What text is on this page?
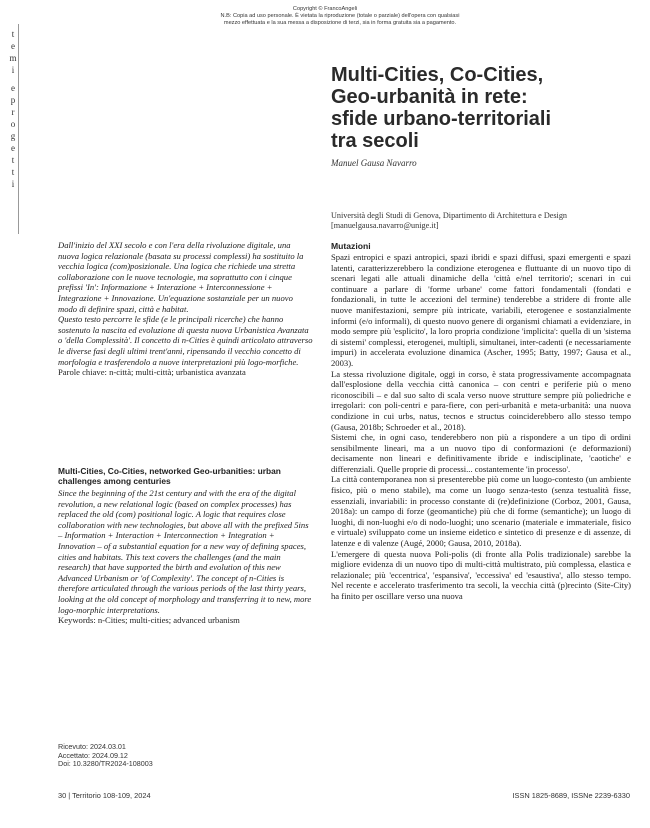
Copyright © FrancoAngeli
N.B: Copia ad uso personale. È vietata la riproduzione (totale o parziale) dell'opera con qualsiasi
mezzo effettuata e la sua messa a disposizione di terzi, sia in forma gratuita sia a pagamento.
t
e
m
i
e
p
r
o
g
e
t
t
i
Multi-Cities, Co-Cities,
Geo-urbanità in rete:
sfide urbano-territoriali
tra secoli
Manuel Gausa Navarro
Università degli Studi di Genova, Dipartimento di Architettura e Design
[manuelgausa.navarro@unige.it]

Dall'inizio del XXI secolo e con l'era della rivoluzione digitale, una nuova logica relazionale (basata su processi complessi) ha sostituito la vecchia logica (com)posizionale. Una logica che richiede una stretta collaborazione con le nuove tecnologie, ma soprattutto con i cinque prefissi 'In': Informazione + Interazione + Interconnessione + Integrazione + Innovazione. Un'equazione sostanziale per un nuovo modo di definire spazi, città e habitat.

Questo testo percorre le sfide (e le principali ricerche) che hanno sostenuto la nascita ed evoluzione di questa nuova Urbanistica Avanzata o 'della Complessità'. Il concetto di n-Cities è quindi articolato attraverso le diverse fasi degli ultimi trent'anni, ripensando il vecchio concetto di morfologia e trasferendolo a nuove interpretazioni più logo-morfiche.

Parole chiave: n-città; multi-città; urbanistica avanzata

Multi-Cities, Co-Cities, networked Geo-urbanities: urban challenges among centuries

Since the beginning of the 21st century and with the era of the digital revolution, a new relational logic (based on complex processes) has replaced the old (com) positional logic. A logic that requires close collaboration with new technologies, but above all with the prefixed 5ins – Information + Interaction + Interconnection + Integration + Innovation – of a substantial equation for a new way of defining spaces, cities and habitats. This text covers the challenges (and the main research) that have supported the birth and evolution of this new Advanced Urbanism or 'of Complexity'. The concept of n-Cities is therefore articulated through the various periods of the last thirty years, looking at the old concept of morphology and transferring it to new, more logo-morphic interpretations.

Keywords: n-Cities; multi-cities; advanced urbanism
Ricevuto: 2024.03.01
Accettato: 2024.09.12
Doi: 10.3280/TR2024-108003
Mutazioni

Spazi entropici e spazi antropici, spazi ibridi e spazi diffusi, spazi emergenti e spazi latenti, caratterizzerebbero la condizione eterogenea e fluttuante di un nuovo tipo di scenari legati alle attuali dinamiche della 'città e/nel territorio'; scenari in cui continuare a parlare di 'forme urbane' come fattori fondamentali (fondati e fondazionali, in tutte le accezioni del termine) tenderebbe a stridere di fronte alle nuove manifestazioni, sempre più intricate, variabili, eterogenee e sostanzialmente informi (e/o informali), di questo nuovo genere di organismi chiamati a evidenziare, in modo sempre più 'esplicito', la loro propria condizione 'implicita': quella di un 'sistema di sistemi' complessi, eterogenei, multipli, simultanei, inter-cadenti (e necessariamente impuri) in accelerata evoluzione dinamica (Ascher, 1995; Batty, 1997; Gausa et al., 2003).

La stessa rivoluzione digitale, oggi in corso, è stata progressivamente accompagnata dall'esplosione della vecchia città canonica – con centri e periferie più o meno riconoscibili – e dal suo salto di scala verso nuove strutture sempre più poliedriche e irregolari: con poli-centri e para-fiere, con peri-urbanità e meta-urbanità: una nuova condizione in cui urbs, natus, tecnos e structus coinciderebbero allo stesso tempo (Gausa, 2018b; Schroeder et al., 2018).

Sistemi che, in ogni caso, tenderebbero non più a rispondere a un tipo di ordini sensibilmente lineari, ma a un nuovo tipo di conformazioni (e deformazioni) decisamente non lineari e definitivamente ibride e indisciplinate, 'caotiche' e differenziali. Quelle proprie di processi... costantemente 'in processo'.

La città contemporanea non si presenterebbe più come un luogo-contesto (un ambiente fisico, più o meno stabile), ma come un luogo senza-testo (senza testualità fisse, essenziali, invariabili: in processo constante di (re)definizione (Corboz, 2001, Gausa, 2018a): un campo di forze (geomantiche) più che di forme (semantiche); un luogo di luoghi, di non-luoghi e/o di nodo-luoghi; uno scenario (materiale e immateriale, fisico e virtuale) sviluppato come un insieme eidetico e sintetico di presenze e di assenze, di latenze e di valenze (Augé, 2000; Gausa, 2010, 2018a).

L'emergere di questa nuova Poli-polis (di fronte alla Polis tradizionale) sarebbe la migliore evidenza di un nuovo tipo di multi-città multistrato, più complessa, elastica e relazionale; più 'eccentrica', 'espansiva', 'eccessiva' ed 'esaustiva', allo stesso tempo. Nel recente e accelerato trasferimento tra secoli, la vecchia città (p)recinto (Site-City) ha finito per oscillare verso una nuova

30 | Territorio 108-109, 2024	ISSN 1825-8689, ISSNe 2239-6330
